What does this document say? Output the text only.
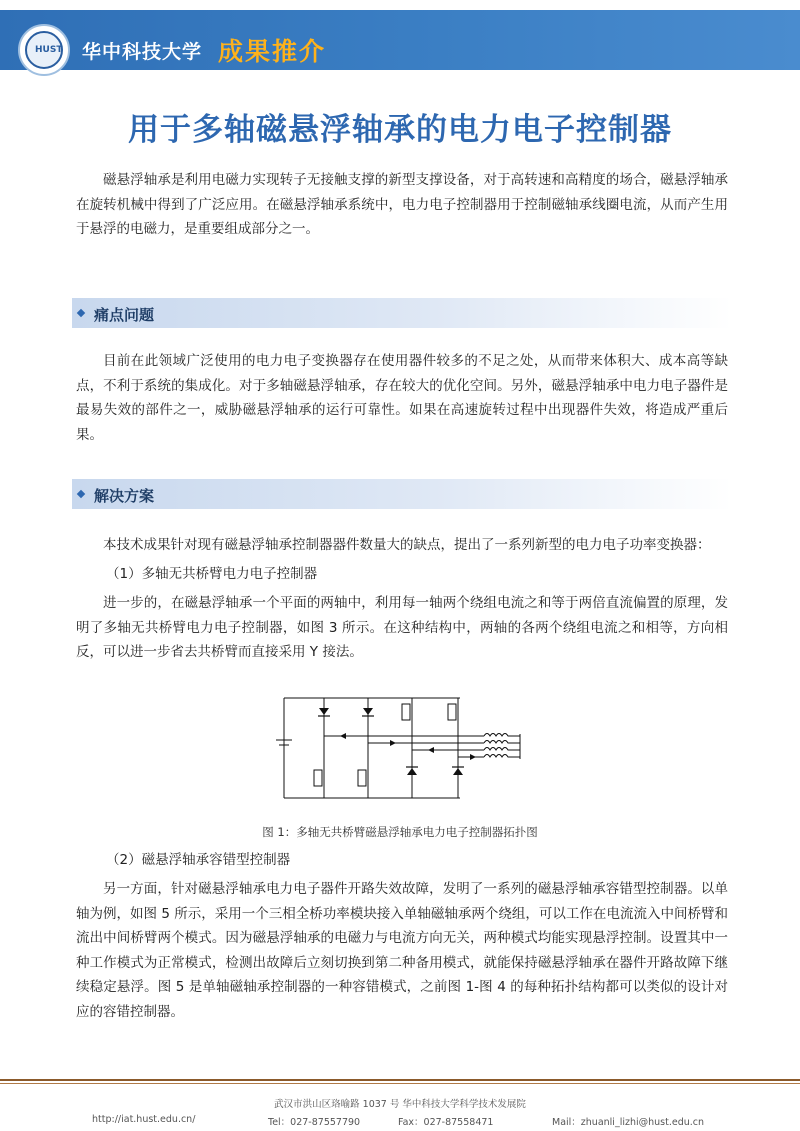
HUST 华中科技大学 成果推介
用于多轴磁悬浮轴承的电力电子控制器
磁悬浮轴承是利用电磁力实现转子无接触支撑的新型支撑设备，对于高转速和高精度的场合，磁悬浮轴承在旋转机械中得到了广泛应用。在磁悬浮轴承系统中，电力电子控制器用于控制磁轴承线圈电流，从而产生用于悬浮的电磁力，是重要组成部分之一。
痛点问题
目前在此领域广泛使用的电力电子变换器存在使用器件较多的不足之处，从而带来体积大、成本高等缺点，不利于系统的集成化。对于多轴磁悬浮轴承，存在较大的优化空间。另外，磁悬浮轴承中电力电子器件是最易失效的部件之一，威胁磁悬浮轴承的运行可靠性。如果在高速旋转过程中出现器件失效，将造成严重后果。
解决方案
本技术成果针对现有磁悬浮轴承控制器器件数量大的缺点，提出了一系列新型的电力电子功率变换器：
（1）多轴无共桥臂电力电子控制器
进一步的，在磁悬浮轴承一个平面的两轴中，利用每一轴两个绕组电流之和等于两倍直流偏置的原理，发明了多轴无共桥臂电力电子控制器，如图 3 所示。在这种结构中，两轴的各两个绕组电流之和相等，方向相反，可以进一步省去共桥臂而直接采用 Y 接法。
图 1：多轴无共桥臂磁悬浮轴承电力电子控制器拓扑图
（2）磁悬浮轴承容错型控制器
另一方面，针对磁悬浮轴承电力电子器件开路失效故障，发明了一系列的磁悬浮轴承容错型控制器。以单轴为例，如图 5 所示，采用一个三相全桥功率模块接入单轴磁轴承两个绕组，可以工作在电流流入中间桥臂和流出中间桥臂两个模式。因为磁悬浮轴承的电磁力与电流方向无关，两种模式均能实现悬浮控制。设置其中一种工作模式为正常模式，检测出故障后立刻切换到第二种备用模式，就能保持磁悬浮轴承在器件开路故障下继续稳定悬浮。图 5 是单轴磁轴承控制器的一种容错模式，之前图 1-图 4 的每种拓扑结构都可以类似的设计对应的容错控制器。
武汉市洪山区珞喻路 1037 号 华中科技大学科学技术发展院
http://iat.hust.edu.cn/	Tel：027-87557790	Fax：027-87558471	Mail：zhuanli_lizhi@hust.edu.cn
